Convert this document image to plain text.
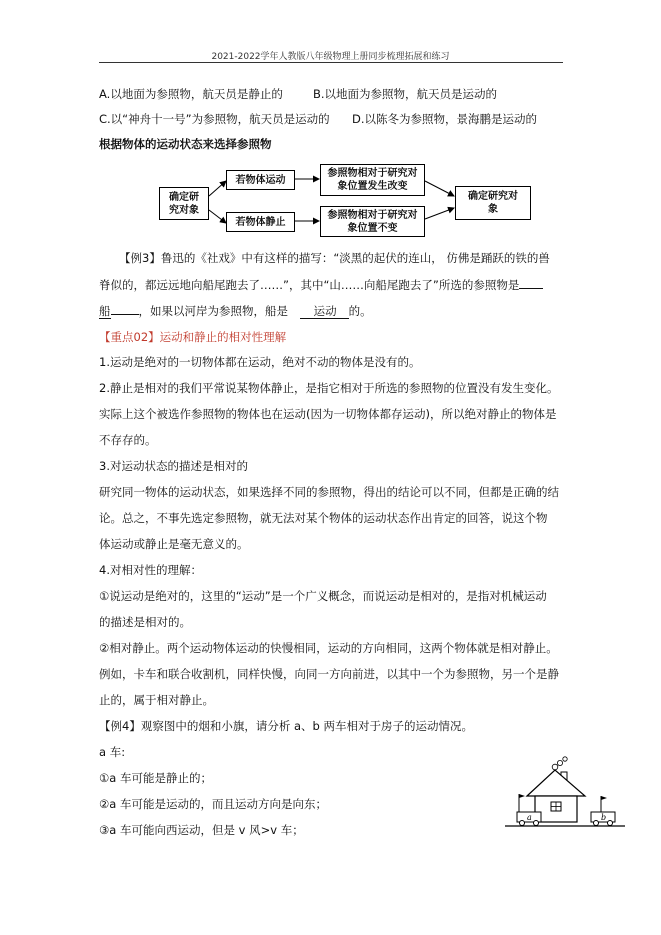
2021-2022学年人教版八年级物理上册同步梳理拓展和练习
A.以地面为参照物，航天员是静止的	B.以地面为参照物，航天员是运动的
C.以“神舟十一号”为参照物，航天员是运动的 D.以陈冬为参照物，景海鹏是运动的
根据物体的运动状态来选择参照物
确定研究对象
若物体运动
若物体静止
参照物相对于研究对象位置发生改变
参照物相对于研究对象位置不变
确定研究对象
【例3】鲁迅的《社戏》中有这样的描写：“淡黑的起伏的连山， 仿佛是踊跃的铁的兽
脊似的，都远远地向船尾跑去了……”，其中“山……向船尾跑去了”所选的参照物是
船 ，如果以河岸为参照物，船是 运动 的。
【重点02】运动和静止的相对性理解
1.运动是绝对的一切物体都在运动，绝对不动的物体是没有的。
2.静止是相对的我们平常说某物体静止，是指它相对于所选的参照物的位置没有发生变化。
实际上这个被选作参照物的物体也在运动(因为一切物体都存运动)，所以绝对静止的物体是
不存存的。
3.对运动状态的描述是相对的
研究同一物体的运动状态，如果选择不同的参照物，得出的结论可以不同，但都是正确的结
论。总之，不事先选定参照物，就无法对某个物体的运动状态作出肯定的回答，说这个物
体运动或静止是毫无意义的。
4.对相对性的理解：
①说运动是绝对的，这里的“运动”是一个广义概念，而说运动是相对的，是指对机械运动
的描述是相对的。
②相对静止。两个运动物体运动的快慢相同，运动的方向相同，这两个物体就是相对静止。
例如，卡车和联合收割机，同样快慢，向同一方向前进，以其中一个为参照物，另一个是静
止的，属于相对静止。
【例4】观察图中的烟和小旗，请分析 a、b 两车相对于房子的运动情况。
a 车:
①a 车可能是静止的；
②a 车可能是运动的，而且运动方向是向东；
③a 车可能向西运动，但是 v 风>v 车；
a	b
